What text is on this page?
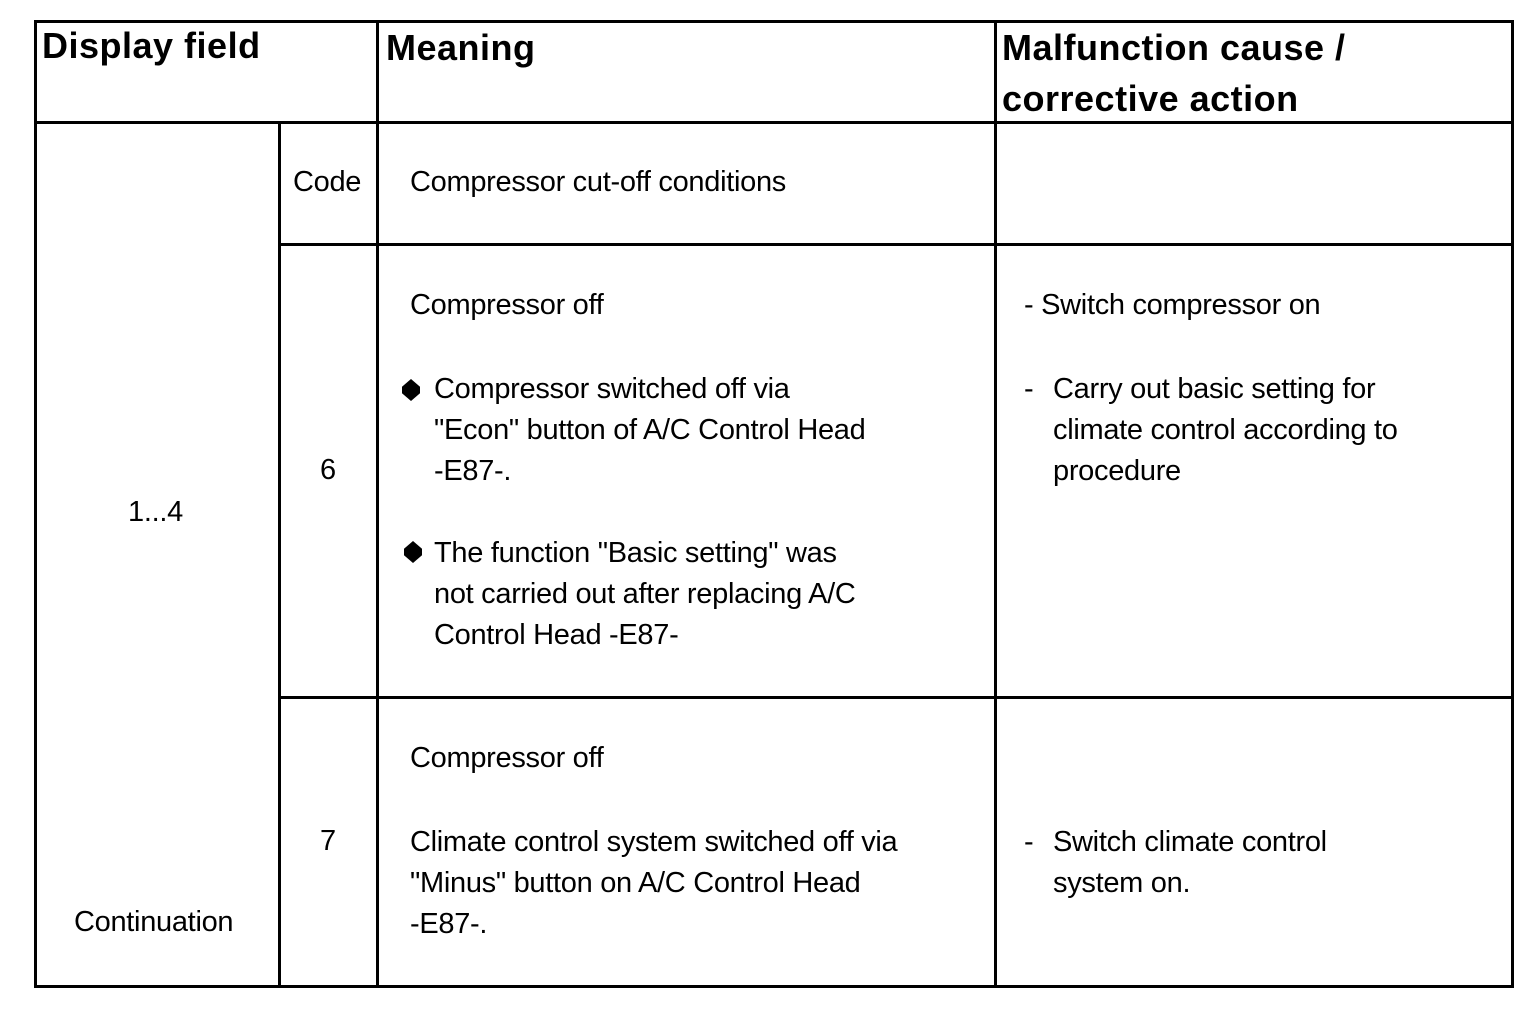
Display field	Meaning	Malfunction cause /
corrective action
1...4
Continuation
Code Compressor cut-off conditions
6
Compressor off
Compressor switched off via
"Econ" button of A/C Control Head
-E87-.
The function "Basic setting" was
not carried out after replacing A/C
Control Head -E87-
- Switch compressor on
- Carry out basic setting for
climate control according to
procedure
7
Compressor off
Climate control system switched off via
"Minus" button on A/C Control Head
-E87-.
- Switch climate control
system on.
